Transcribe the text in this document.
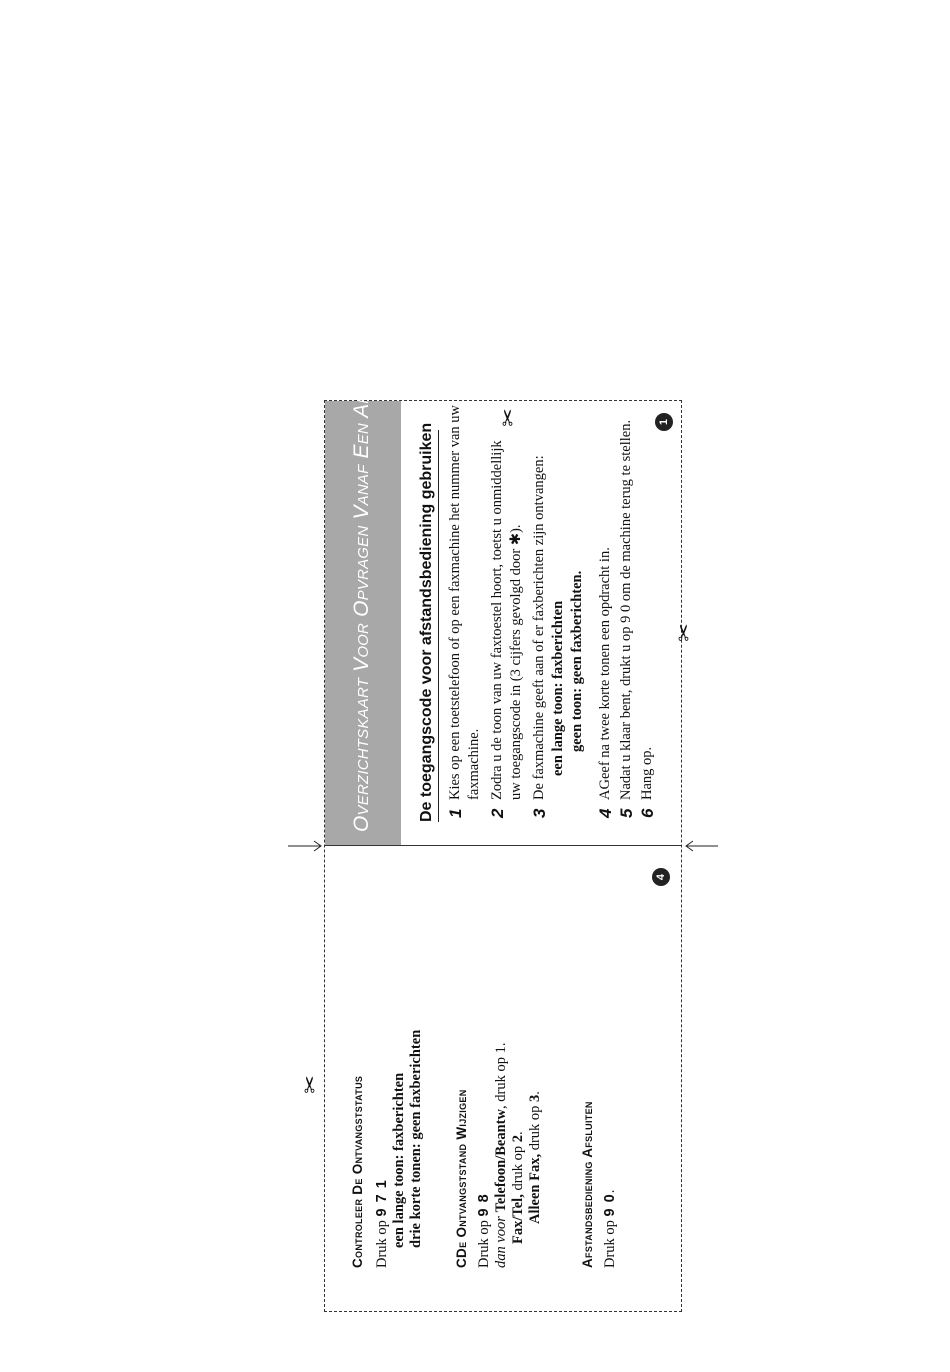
Overzichtskaart Voor Opvragen Vanaf Een Ander Toestel	De toegangscode voor afstandsbediening gebruiken 1
Kies op een toetstelefoon of op een faxmachine het nummer van uw faxmachine.
2
Zodra u de toon van uw faxtoestel hoort, toetst u onmiddellijk uw toegangscode in (3 cijfers gevolgd door ✱).
3
De faxmachine geeft aan of er faxberichten zijn ontvangen: een lange toon: faxberichten geen toon: geen faxberichten.
4
AGeef na twee korte tonen een opdracht in.
5
Nadat u klaar bent, drukt u op 9 0 om de machine terug te stellen.
6
Hang op.
1
Controleer De Ontvangststatus Druk op 9 7 1 een lange toon: faxberichten drie korte tonen: geen faxberichten CDe Ontvangststand Wijzigen Druk op 9 8
dan voor Telefoon/Beantw, druk op 1.
Fax/Tel, druk op 2.
Alleen Fax, druk op 3.
Afstandsbediening Afsluiten Druk op 9 0.
4
✂
✂
✂
